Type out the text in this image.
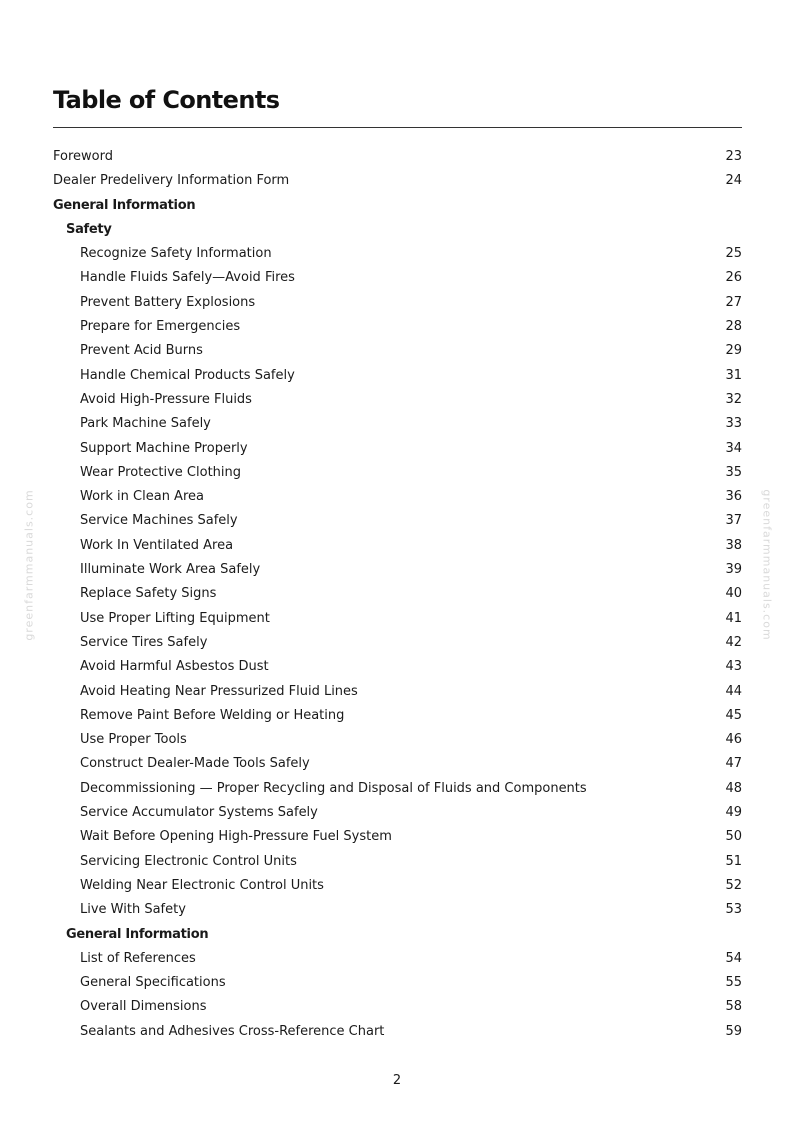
Table of Contents
Foreword	23
Dealer Predelivery Information Form	24
General Information
Safety
Recognize Safety Information	25
Handle Fluids Safely—Avoid Fires	26
Prevent Battery Explosions	27
Prepare for Emergencies	28
Prevent Acid Burns	29
Handle Chemical Products Safely	31
Avoid High-Pressure Fluids	32
Park Machine Safely	33
Support Machine Properly	34
Wear Protective Clothing	35
Work in Clean Area	36
Service Machines Safely	37
Work In Ventilated Area	38
Illuminate Work Area Safely	39
Replace Safety Signs	40
Use Proper Lifting Equipment	41
Service Tires Safely	42
Avoid Harmful Asbestos Dust	43
Avoid Heating Near Pressurized Fluid Lines	44
Remove Paint Before Welding or Heating	45
Use Proper Tools	46
Construct Dealer-Made Tools Safely	47
Decommissioning — Proper Recycling and Disposal of Fluids and Components	48
Service Accumulator Systems Safely	49
Wait Before Opening High-Pressure Fuel System	50
Servicing Electronic Control Units	51
Welding Near Electronic Control Units	52
Live With Safety	53
General Information
List of References	54
General Specifications	55
Overall Dimensions	58
Sealants and Adhesives Cross-Reference Chart	59
greenfarmmanuals.com	greenfarmmanuals.com
2
